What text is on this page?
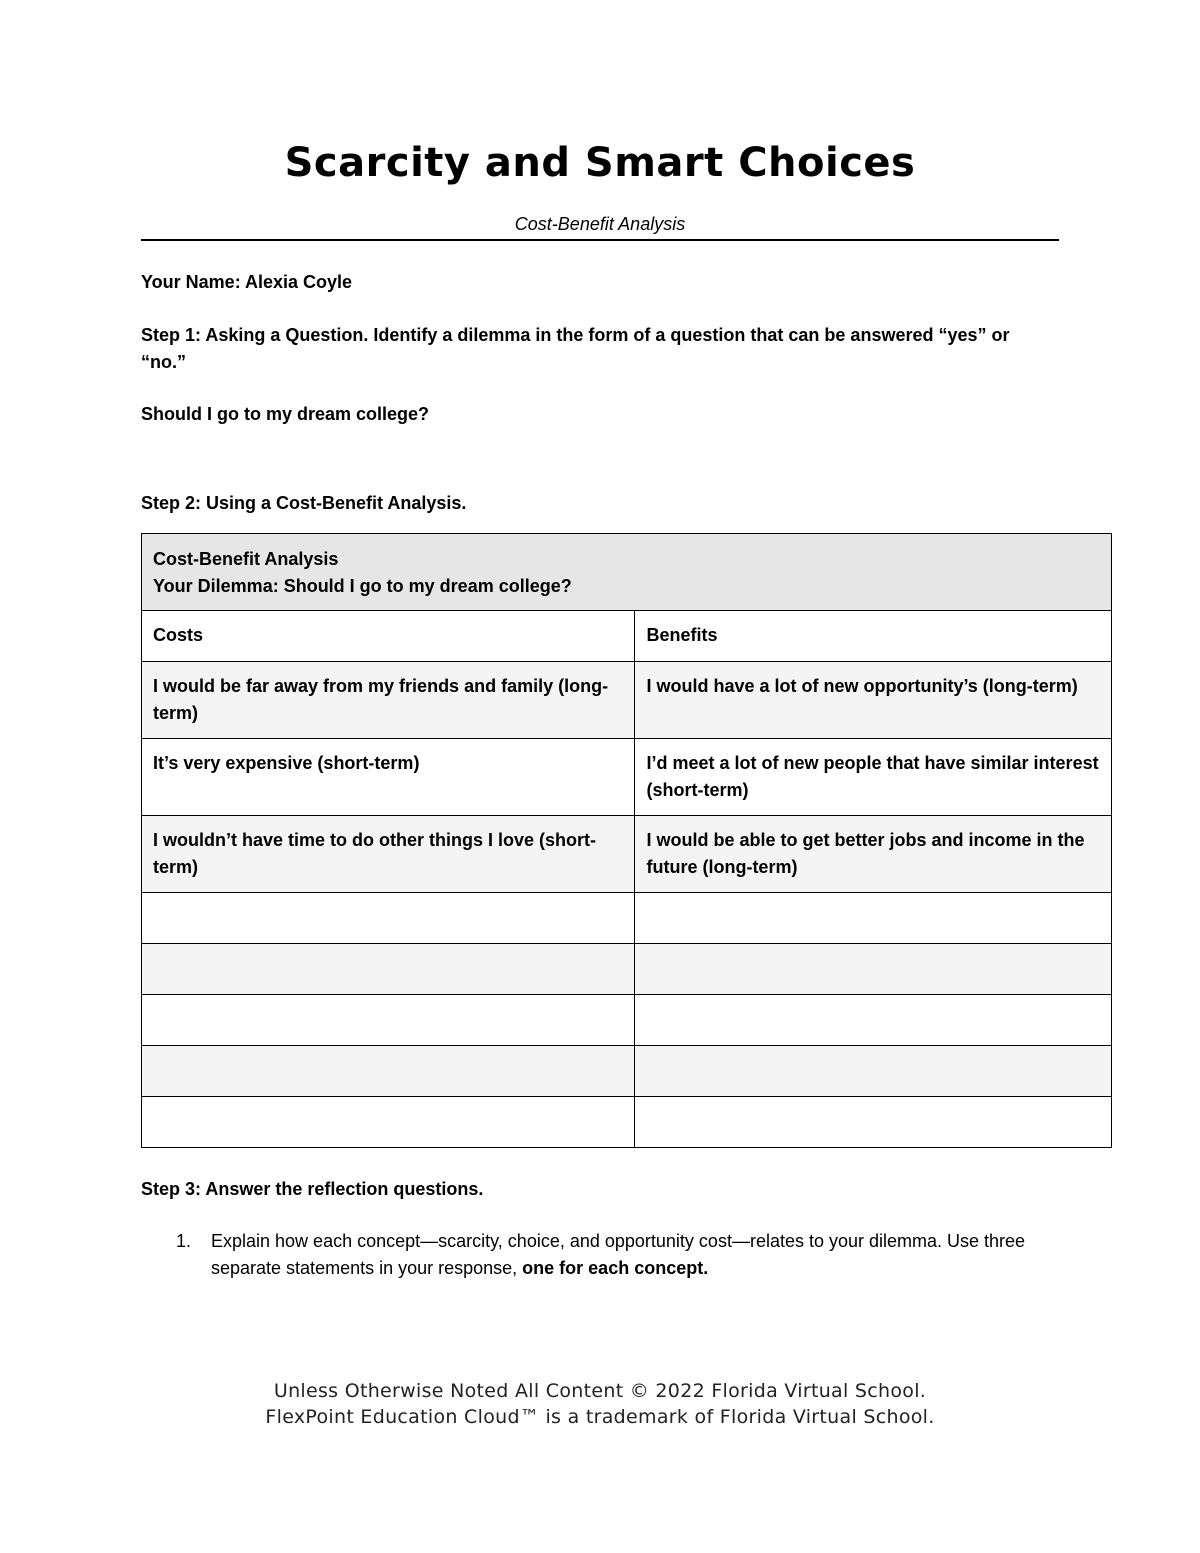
Scarcity and Smart Choices
Cost-Benefit Analysis
Your Name: Alexia Coyle
Step 1: Asking a Question. Identify a dilemma in the form of a question that can be answered “yes” or
“no.”
Should I go to my dream college?
Step 2: Using a Cost-Benefit Analysis.
Cost-Benefit Analysis
Your Dilemma: Should I go to my dream college?	

Costs	Benefits
I would be far away from my friends and family (long-term)	I would have a lot of new opportunity’s (long-term)
It’s very expensive (short-term)	I’d meet a lot of new people that have similar interest (short-term)
I wouldn’t have time to do other things I love (short-term)	I would be able to get better jobs and income in the future (long-term)

Step 3: Answer the reflection questions.
1. Explain how each concept—scarcity, choice, and opportunity cost—relates to your dilemma. Use three separate statements in your response, one for each concept.
Unless Otherwise Noted All Content © 2022 Florida Virtual School.
FlexPoint Education Cloud™ is a trademark of Florida Virtual School.
